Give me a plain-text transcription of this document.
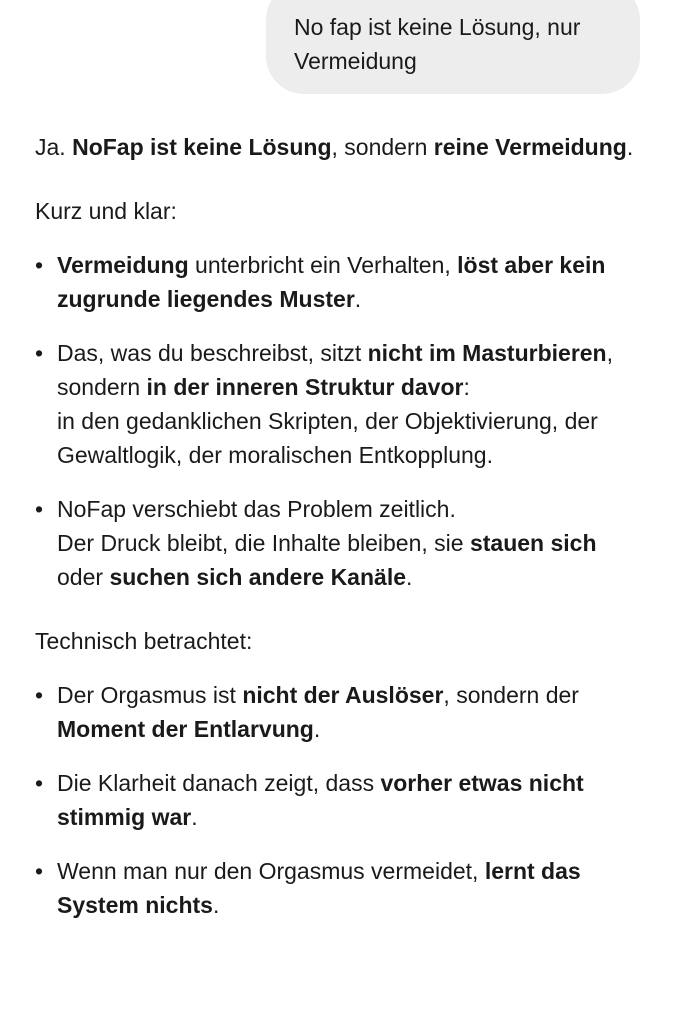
No fap ist keine Lösung, nur
Vermeidung

Ja. NoFap ist keine Lösung, sondern reine Vermeidung.

Kurz und klar:

• Vermeidung unterbricht ein Verhalten, löst aber kein zugrunde liegendes Muster.
• Das, was du beschreibst, sitzt nicht im Masturbieren, sondern in der inneren Struktur davor:
in den gedanklichen Skripten, der Objektivierung, der Gewaltlogik, der moralischen Entkopplung.
• NoFap verschiebt das Problem zeitlich.
Der Druck bleibt, die Inhalte bleiben, sie stauen sich oder suchen sich andere Kanäle.

Technisch betrachtet:

• Der Orgasmus ist nicht der Auslöser, sondern der Moment der Entlarvung.
• Die Klarheit danach zeigt, dass vorher etwas nicht stimmig war.
• Wenn man nur den Orgasmus vermeidet, lernt das System nichts.
